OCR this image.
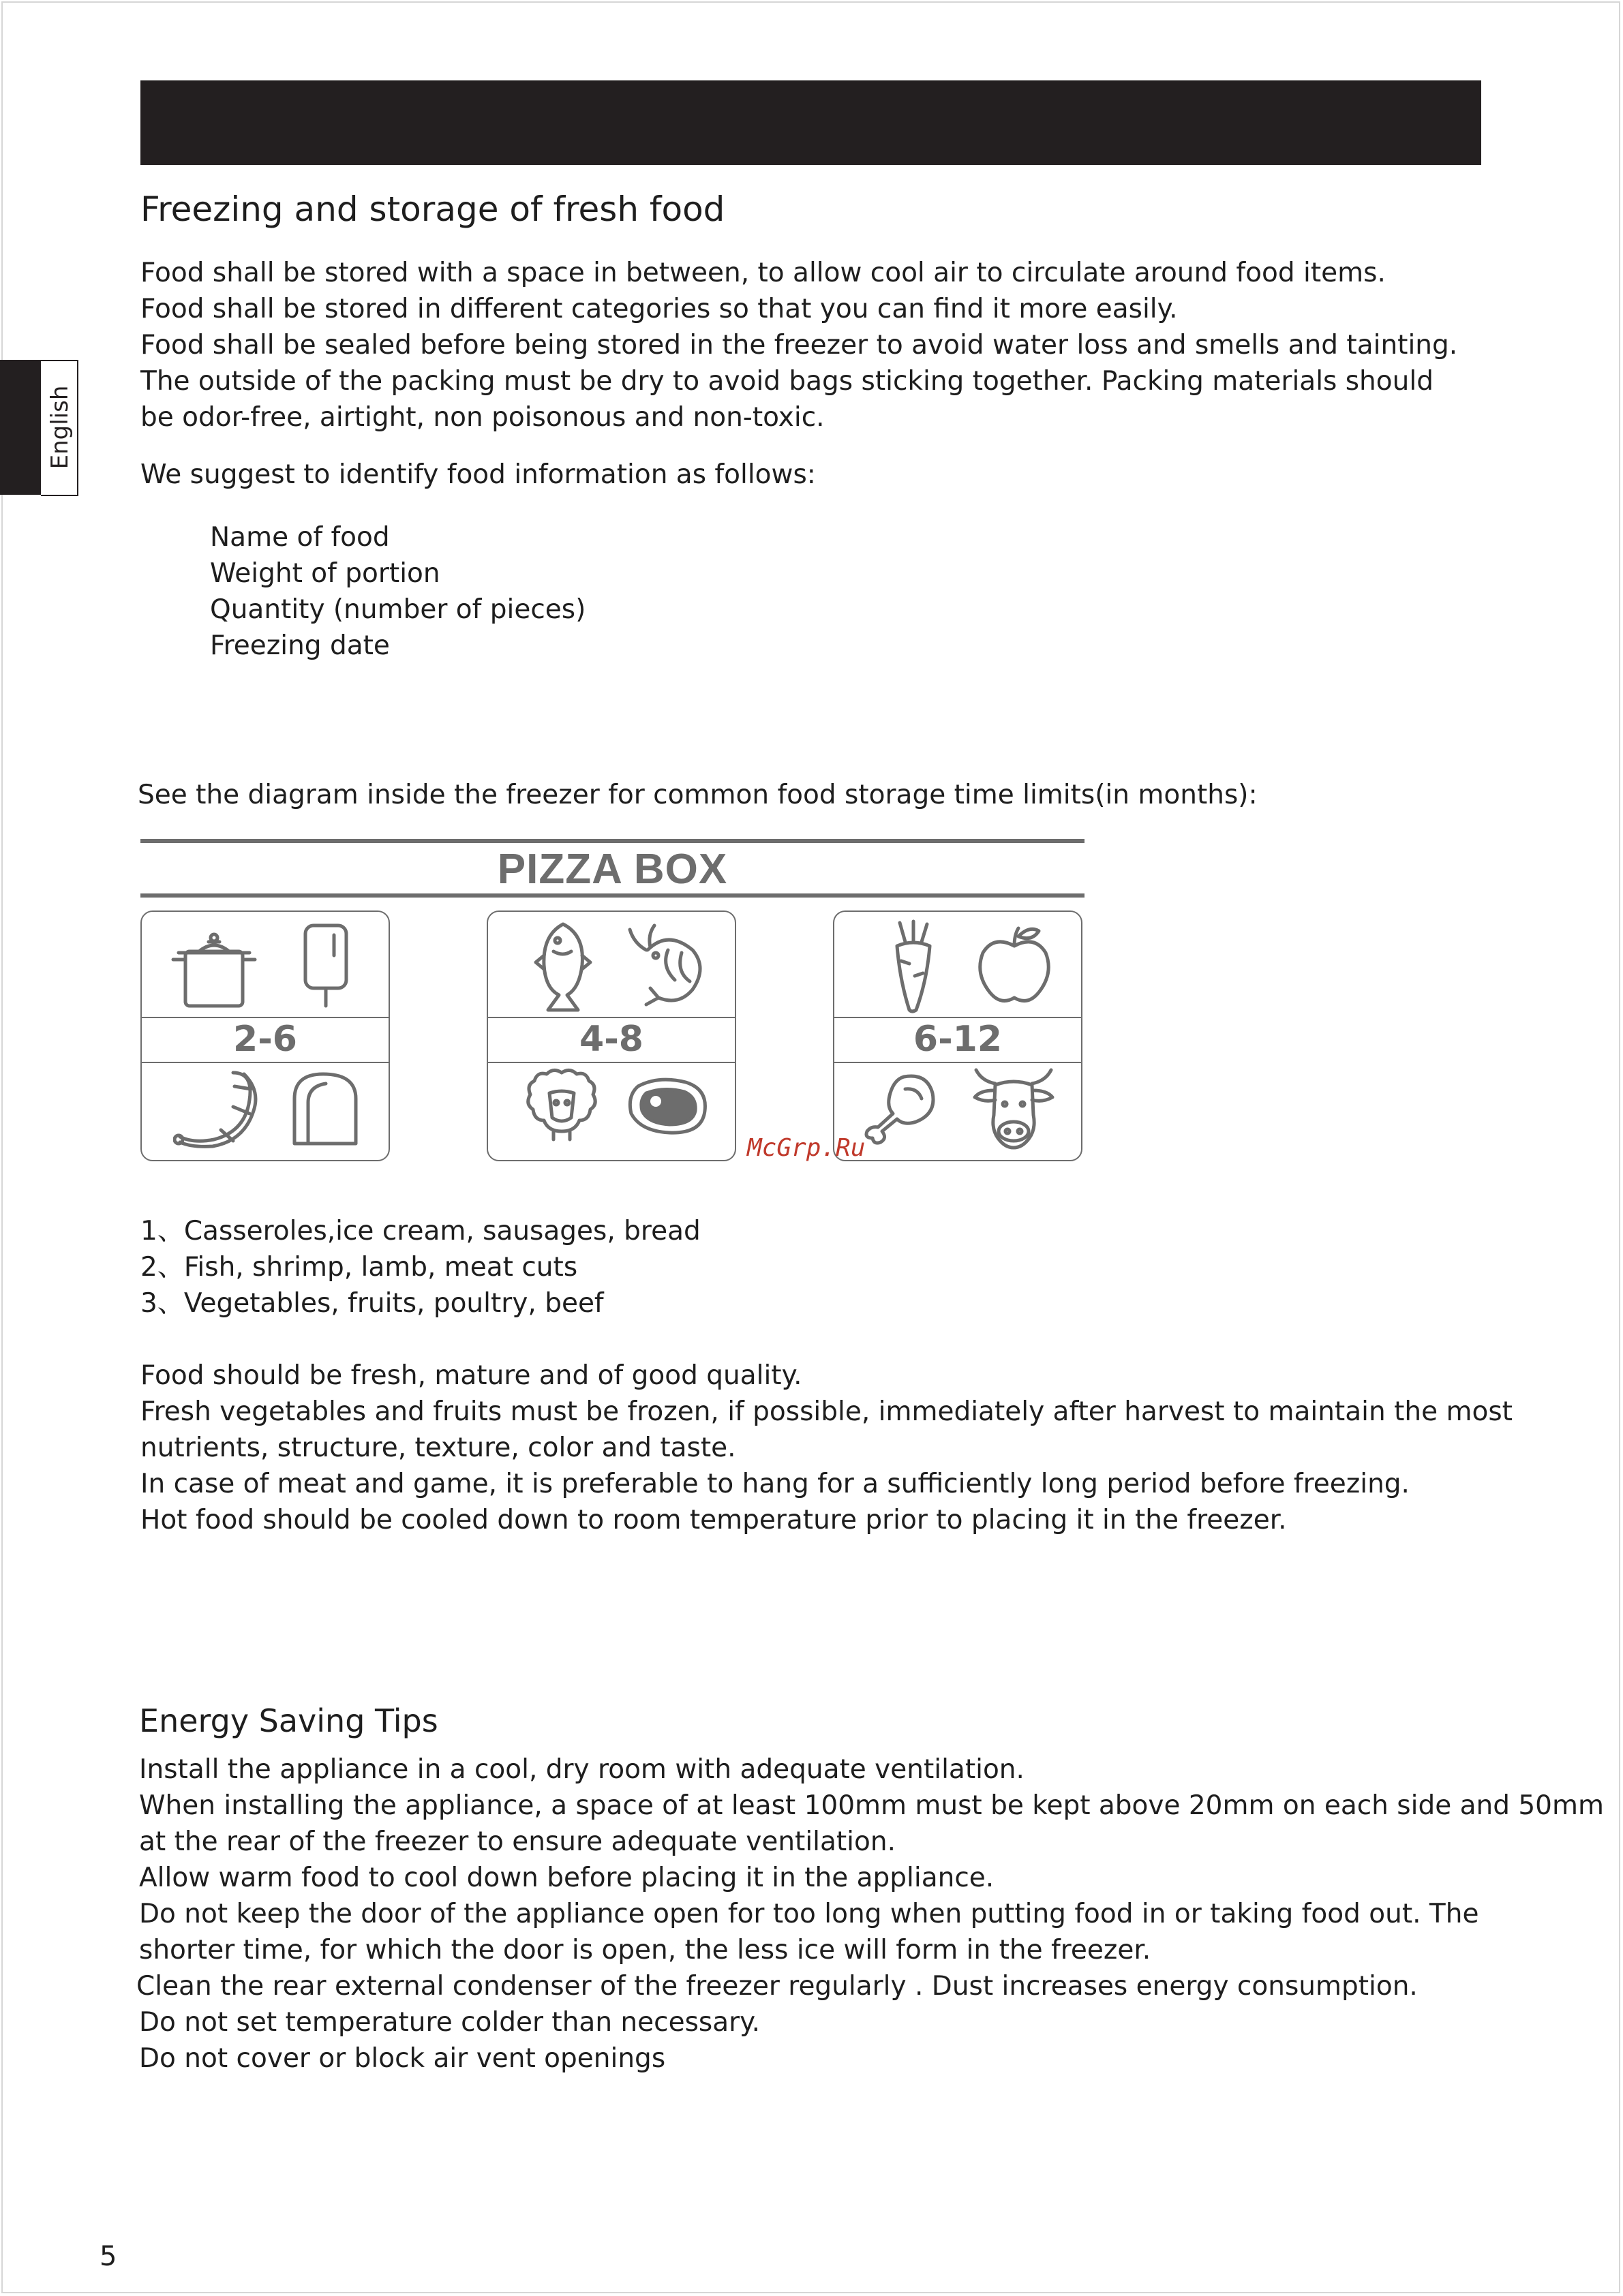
English
Freezing and storage of fresh food
Food shall be stored with a space in between, to allow cool air to circulate around food items.
Food shall be stored in different categories so that you can find it more easily.
Food shall be sealed before being stored in the freezer to avoid water loss and smells and tainting.
The outside of the packing must be dry to avoid bags sticking together. Packing materials should
be odor-free, airtight, non poisonous and non-toxic.
We suggest to identify food information as follows:
Name of food
Weight of portion
Quantity (number of pieces)
Freezing date
See the diagram inside the freezer for common food storage time limits(in months):
PIZZA BOX
2-6	4-8	6-12
McGrp.Ru
1、Casseroles,ice cream, sausages, bread
2、Fish, shrimp, lamb, meat cuts
3、Vegetables, fruits, poultry, beef
Food should be fresh, mature and of good quality.
Fresh vegetables and fruits must be frozen, if possible, immediately after harvest to maintain the most
nutrients, structure, texture, color and taste.
In case of meat and game, it is preferable to hang for a sufficiently long period before freezing.
Hot food should be cooled down to room temperature prior to placing it in the freezer.
Energy Saving Tips
Install the appliance in a cool, dry room with adequate ventilation.
When installing the appliance, a space of at least 100mm must be kept above 20mm on each side and 50mm
at the rear of the freezer to ensure adequate ventilation.
Allow warm food to cool down before placing it in the appliance.
Do not keep the door of the appliance open for too long when putting food in or taking food out. The
shorter time, for which the door is open, the less ice will form in the freezer.
Clean the rear external condenser of the freezer regularly . Dust increases energy consumption.
Do not set temperature colder than necessary.
Do not cover or block air vent openings
5
